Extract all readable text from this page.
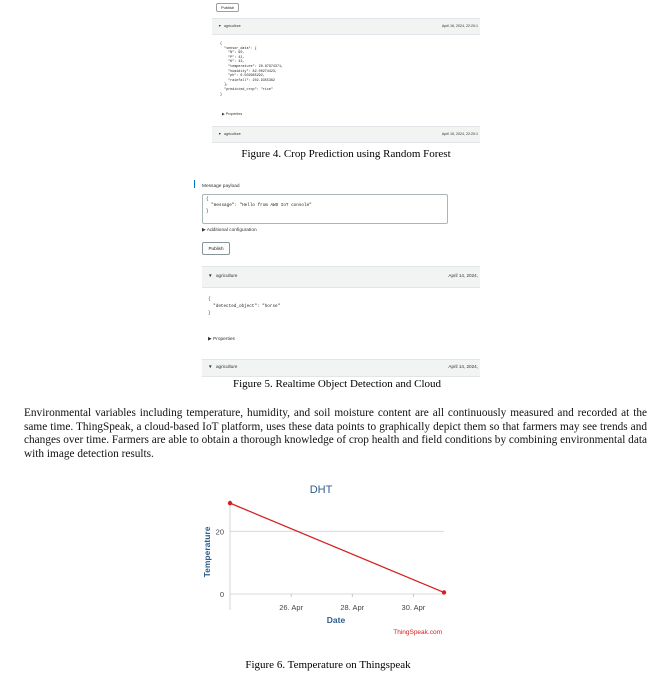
Publish
▼ agriculture	April 16, 2024, 22:20:1
{
"sensor_data": {
"N": 90,
"P": 42,
"K": 43,
"temperature": 20.87974371,
"humidity": 82.00274423,
"ph": 6.502985292,
"rainfall": 202.9355362
},
"predicted_crop": "rice"
}
▶ Properties
▼ agriculture	April 16, 2024, 22:20:1
Figure 4. Crop Prediction using Random Forest
Message payload
{
"message": "Hello from AWS IoT console"
}
▶ Additional configuration
Publish
▼ agriculture	April 14, 2024,
{
"detected_object": "horse"
}
▶ Properties
▼ agriculture	April 14, 2024,
Figure 5. Realtime Object Detection and Cloud
Environmental variables including temperature, humidity, and soil moisture content are all continuously measured and recorded at the same time. ThingSpeak, a cloud-based IoT platform, uses these data points to graphically depict them so that farmers may see trends and changes over time. Farmers are able to obtain a thorough knowledge of crop health and field conditions by combining environmental data with image detection results.
DHT
0
20
26. Apr	28. Apr	30. Apr
Temperature
Date
ThingSpeak.com
Figure 6. Temperature on Thingspeak
